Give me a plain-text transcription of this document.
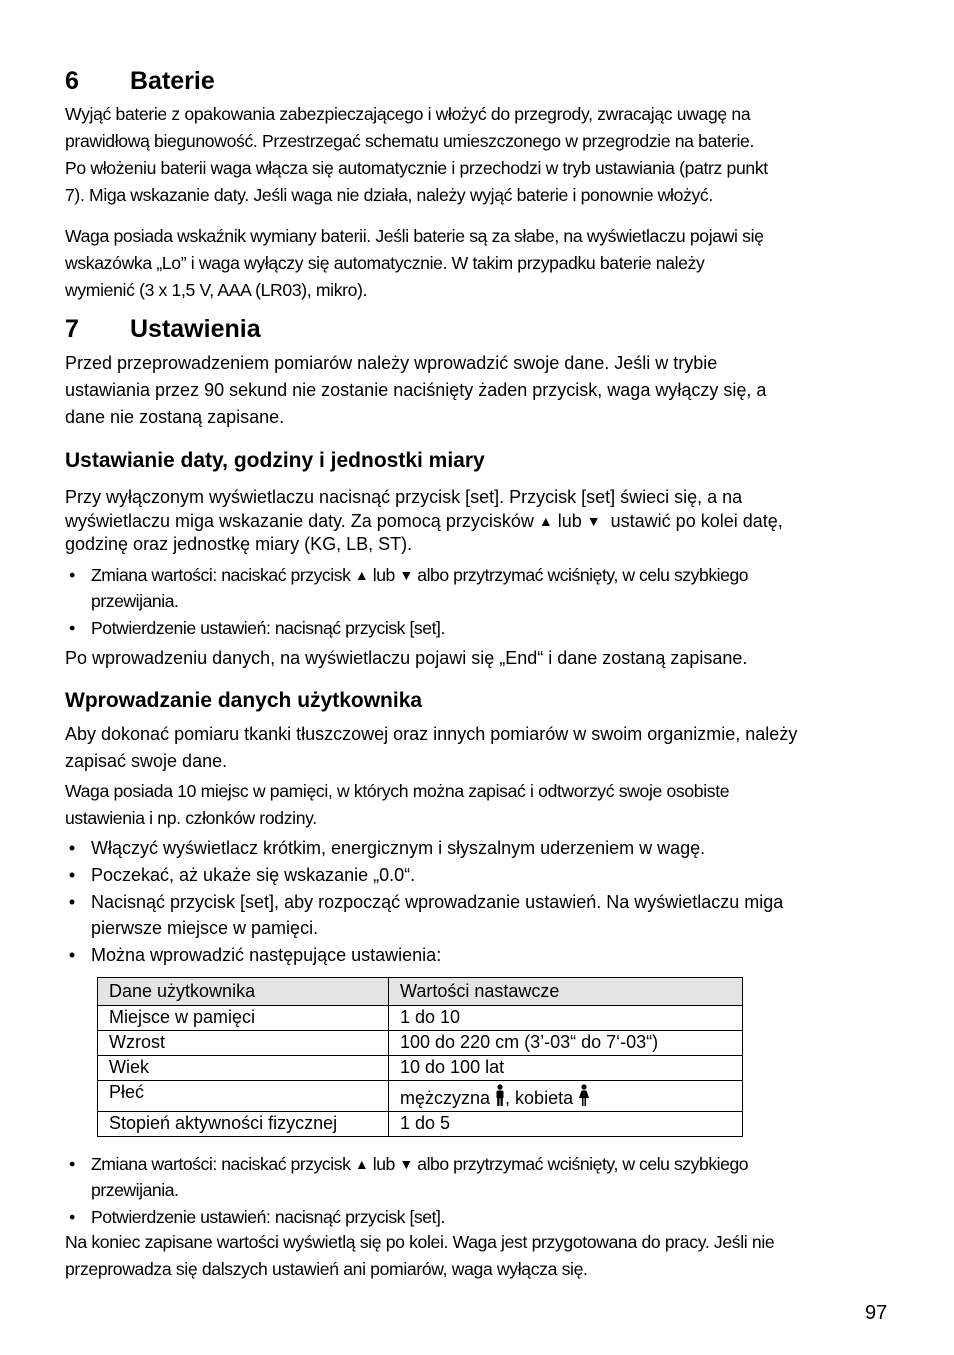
6 Baterie
Wyjąć baterie z opakowania zabezpieczającego i włożyć do przegrody, zwracając uwagę na
prawidłową biegunowość. Przestrzegać schematu umieszczonego w przegrodzie na baterie.
Po włożeniu baterii waga włącza się automatycznie i przechodzi w tryb ustawiania (patrz punkt
7). Miga wskazanie daty. Jeśli waga nie działa, należy wyjąć baterie i ponownie włożyć.
Waga posiada wskaźnik wymiany baterii. Jeśli baterie są za słabe, na wyświetlaczu pojawi się
wskazówka „Lo” i waga wyłączy się automatycznie. W takim przypadku baterie należy
wymienić (3 x 1,5 V, AAA (LR03), mikro).
7 Ustawienia
Przed przeprowadzeniem pomiarów należy wprowadzić swoje dane. Jeśli w trybie
ustawiania przez 90 sekund nie zostanie naciśnięty żaden przycisk, waga wyłączy się, a
dane nie zostaną zapisane.
Ustawianie daty, godziny i jednostki miary
Przy wyłączonym wyświetlaczu nacisnąć przycisk [set]. Przycisk [set] świeci się, a na
wyświetlaczu miga wskazanie daty. Za pomocą przycisków ▲ lub ▼ ustawić po kolei datę,
godzinę oraz jednostkę miary (KG, LB, ST).
• Zmiana wartości: naciskać przycisk ▲ lub ▼ albo przytrzymać wciśnięty, w celu szybkiego
przewijania.
• Potwierdzenie ustawień: nacisnąć przycisk [set].
Po wprowadzeniu danych, na wyświetlaczu pojawi się „End“ i dane zostaną zapisane.
Wprowadzanie danych użytkownika
Aby dokonać pomiaru tkanki tłuszczowej oraz innych pomiarów w swoim organizmie, należy
zapisać swoje dane.
Waga posiada 10 miejsc w pamięci, w których można zapisać i odtworzyć swoje osobiste
ustawienia i np. członków rodziny.
• Włączyć wyświetlacz krótkim, energicznym i słyszalnym uderzeniem w wagę.
• Poczekać, aż ukaże się wskazanie „0.0“.
• Nacisnąć przycisk [set], aby rozpocząć wprowadzanie ustawień. Na wyświetlaczu miga
pierwsze miejsce w pamięci.
• Można wprowadzić następujące ustawienia:
Dane użytkownika	Wartości nastawcze
Miejsce w pamięci	1 do 10
Wzrost	100 do 220 cm (3’-03“ do 7‘-03“)
Wiek	10 do 100 lat
Płeć	mężczyzna , kobieta
Stopień aktywności fizycznej	1 do 5
• Zmiana wartości: naciskać przycisk ▲ lub ▼ albo przytrzymać wciśnięty, w celu szybkiego
przewijania.
• Potwierdzenie ustawień: nacisnąć przycisk [set].
Na koniec zapisane wartości wyświetlą się po kolei. Waga jest przygotowana do pracy. Jeśli nie
przeprowadza się dalszych ustawień ani pomiarów, waga wyłącza się.
97
